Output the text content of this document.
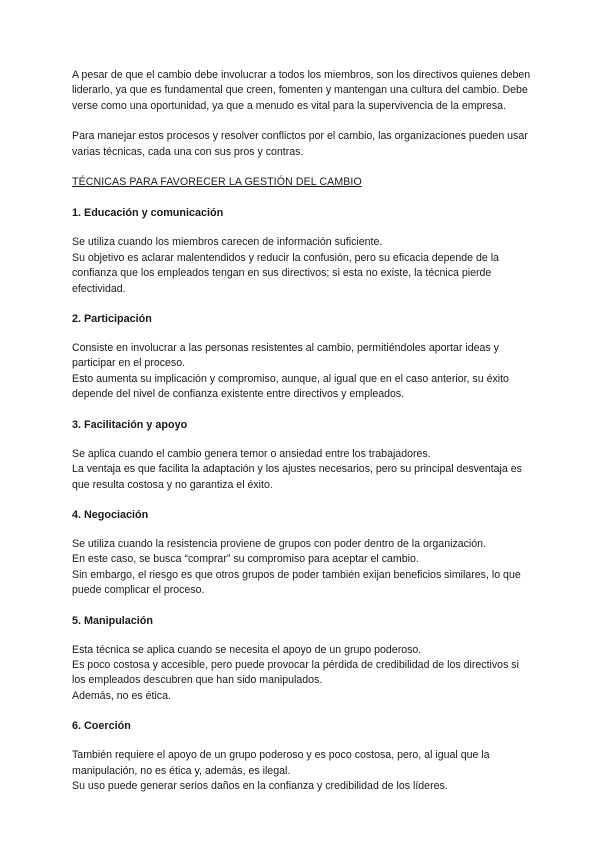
A pesar de que el cambio debe involucrar a todos los miembros, son los directivos quienes deben liderarlo, ya que es fundamental que creen, fomenten y mantengan una cultura del cambio. Debe verse como una oportunidad, ya que a menudo es vital para la supervivencia de la empresa.

Para manejar estos procesos y resolver conflictos por el cambio, las organizaciones pueden usar varias técnicas, cada una con sus pros y contras.

TÉCNICAS PARA FAVORECER LA GESTIÓN DEL CAMBIO

1. Educación y comunicación

Se utiliza cuando los miembros carecen de información suficiente.

Su objetivo es aclarar malentendidos y reducir la confusión, pero su eficacia depende de la confianza que los empleados tengan en sus directivos; si esta no existe, la técnica pierde efectividad.

2. Participación

Consiste en involucrar a las personas resistentes al cambio, permitiéndoles aportar ideas y participar en el proceso.

Esto aumenta su implicación y compromiso, aunque, al igual que en el caso anterior, su éxito depende del nivel de confianza existente entre directivos y empleados.

3. Facilitación y apoyo

Se aplica cuando el cambio genera temor o ansiedad entre los trabajadores.

La ventaja es que facilita la adaptación y los ajustes necesarios, pero su principal desventaja es que resulta costosa y no garantiza el éxito.

4. Negociación

Se utiliza cuando la resistencia proviene de grupos con poder dentro de la organización.

En este caso, se busca “comprar” su compromiso para aceptar el cambio.

Sin embargo, el riesgo es que otros grupos de poder también exijan beneficios similares, lo que puede complicar el proceso.

5. Manipulación

Esta técnica se aplica cuando se necesita el apoyo de un grupo poderoso.

Es poco costosa y accesible, pero puede provocar la pérdida de credibilidad de los directivos si los empleados descubren que han sido manipulados.

Además, no es ética.

6. Coerción

También requiere el apoyo de un grupo poderoso y es poco costosa, pero, al igual que la manipulación, no es ética y, además, es ilegal.

Su uso puede generar serios daños en la confianza y credibilidad de los líderes.
